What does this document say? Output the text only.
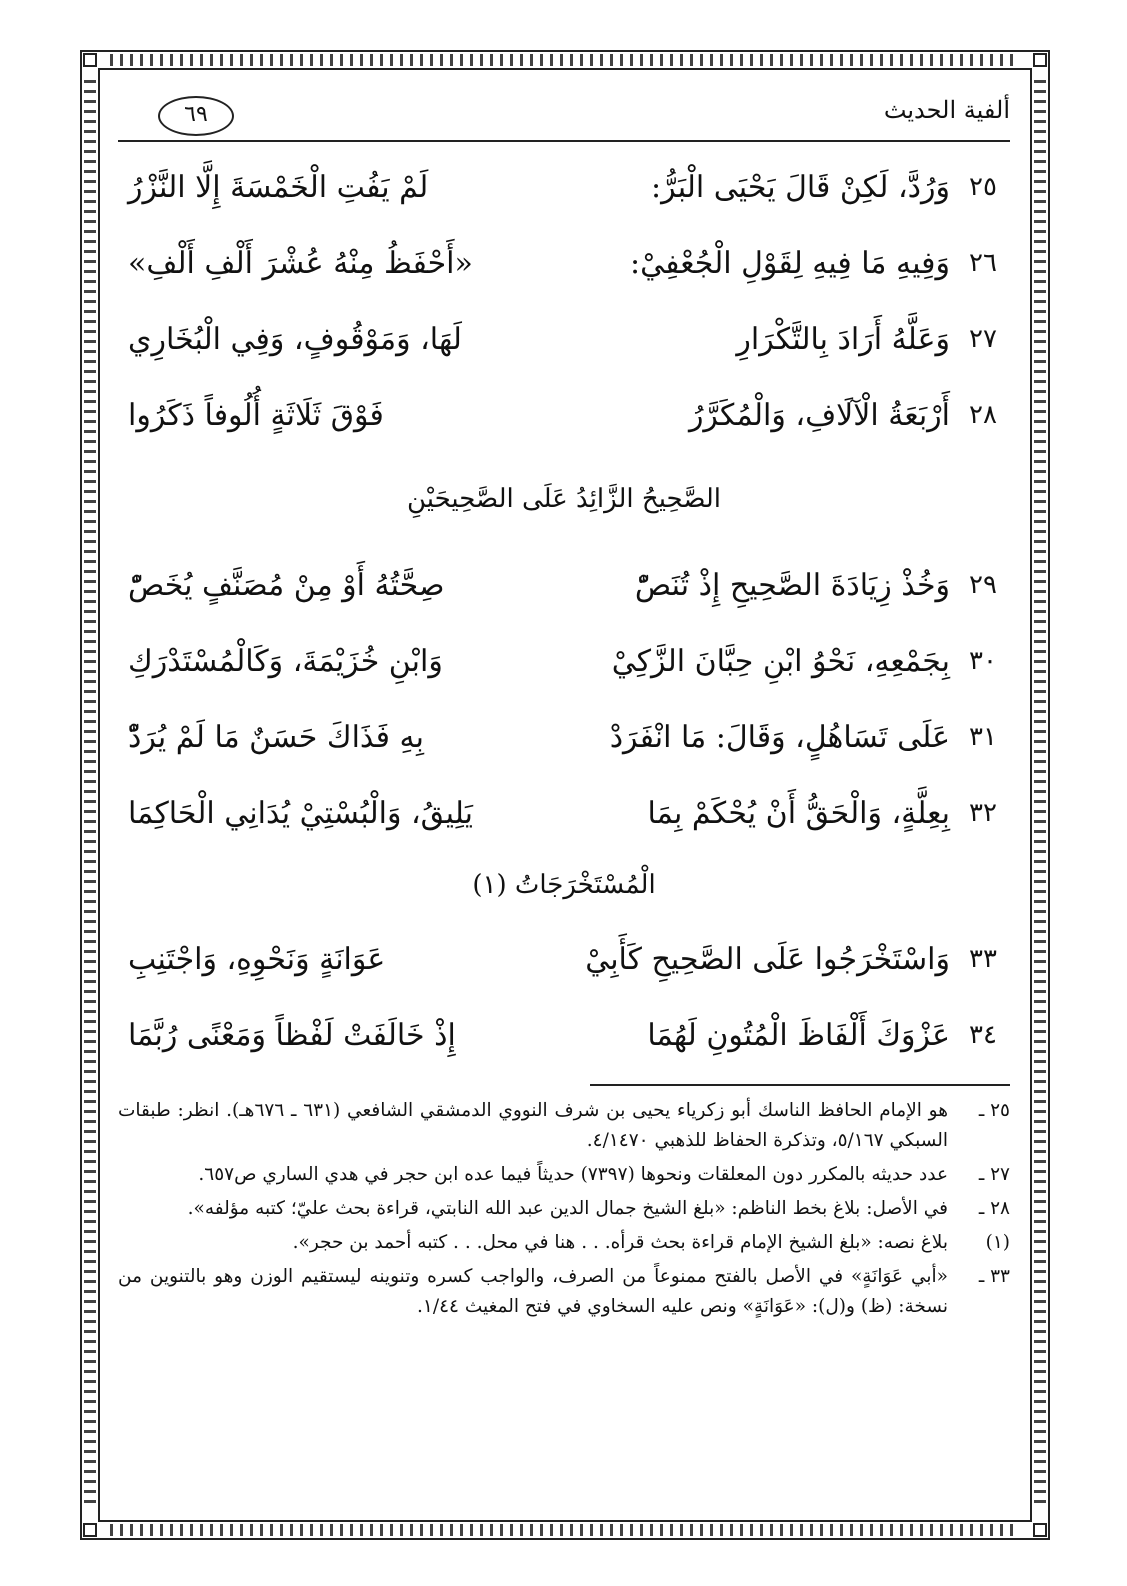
ألفية الحديث
٦٩
٢٥
وَرُدَّ، لَكِنْ قَالَ يَحْيَى الْبَرُّ:
لَمْ يَفُتِ الْخَمْسَةَ إِلَّا النَّزْرُ
٢٦
وَفِيهِ مَا فِيهِ لِقَوْلِ الْجُعْفِيْ:
«أَحْفَظُ مِنْهُ عُشْرَ أَلْفِ أَلْفِ»
٢٧
وَعَلَّهُ أَرَادَ بِالتَّكْرَارِ
لَهَا، وَمَوْقُوفٍ، وَفِي الْبُخَارِي
٢٨
أَرْبَعَةُ الْآلَافِ، وَالْمُكَرَّرُ
فَوْقَ ثَلَاثَةٍ أُلُوفاً ذَكَرُوا
الصَّحِيحُ الزَّائِدُ عَلَى الصَّحِيحَيْنِ
٢٩
وَخُذْ زِيَادَةَ الصَّحِيحِ إِذْ تُنَصّْ
صِحَّتُهُ أَوْ مِنْ مُصَنَّفٍ يُخَصّْ
٣٠
بِجَمْعِهِ، نَحْوُ ابْنِ حِبَّانَ الزَّكِيْ
وَابْنِ خُزَيْمَةَ، وَكَالْمُسْتَدْرَكِ
٣١
عَلَى تَسَاهُلٍ، وَقَالَ: مَا انْفَرَدْ
بِهِ فَذَاكَ حَسَنٌ مَا لَمْ يُرَدّْ
٣٢
بِعِلَّةٍ، وَالْحَقُّ أَنْ يُحْكَمْ بِمَا
يَلِيقُ، وَالْبُسْتِيْ يُدَانِي الْحَاكِمَا
الْمُسْتَخْرَجَاتُ (١)
٣٣
وَاسْتَخْرَجُوا عَلَى الصَّحِيحِ كَأَبِيْ
عَوَانَةٍ وَنَحْوِهِ، وَاجْتَنِبِ
٣٤
عَزْوَكَ أَلْفَاظَ الْمُتُونِ لَهُمَا
إِذْ خَالَفَتْ لَفْظاً وَمَعْنًى رُبَّمَا
٢٥ ـ
هو الإمام الحافظ الناسك أبو زكرياء يحيى بن شرف النووي الدمشقي الشافعي (٦٣١ ـ ٦٧٦هـ). انظر: طبقات السبكي ٥/١٦٧، وتذكرة الحفاظ للذهبي ٤/١٤٧٠.
٢٧ ـ
عدد حديثه بالمكرر دون المعلقات ونحوها (٧٣٩٧) حديثاً فيما عده ابن حجر في هدي الساري ص٦٥٧.
٢٨ ـ
في الأصل: بلاغ بخط الناظم: «بلغ الشيخ جمال الدين عبد الله النابتي، قراءة بحث عليّ؛ كتبه مؤلفه».
(١)
بلاغ نصه: «بلغ الشيخ الإمام قراءة بحث قرأه. . . هنا في محل. . . كتبه أحمد بن حجر».
٣٣ ـ
«أبي عَوَانَةٍ» في الأصل بالفتح ممنوعاً من الصرف، والواجب كسره وتنوينه ليستقيم الوزن وهو بالتنوين من نسخة: (ظ) و(ل): «عَوَانَةٍ» ونص عليه السخاوي في فتح المغيث ١/٤٤.
